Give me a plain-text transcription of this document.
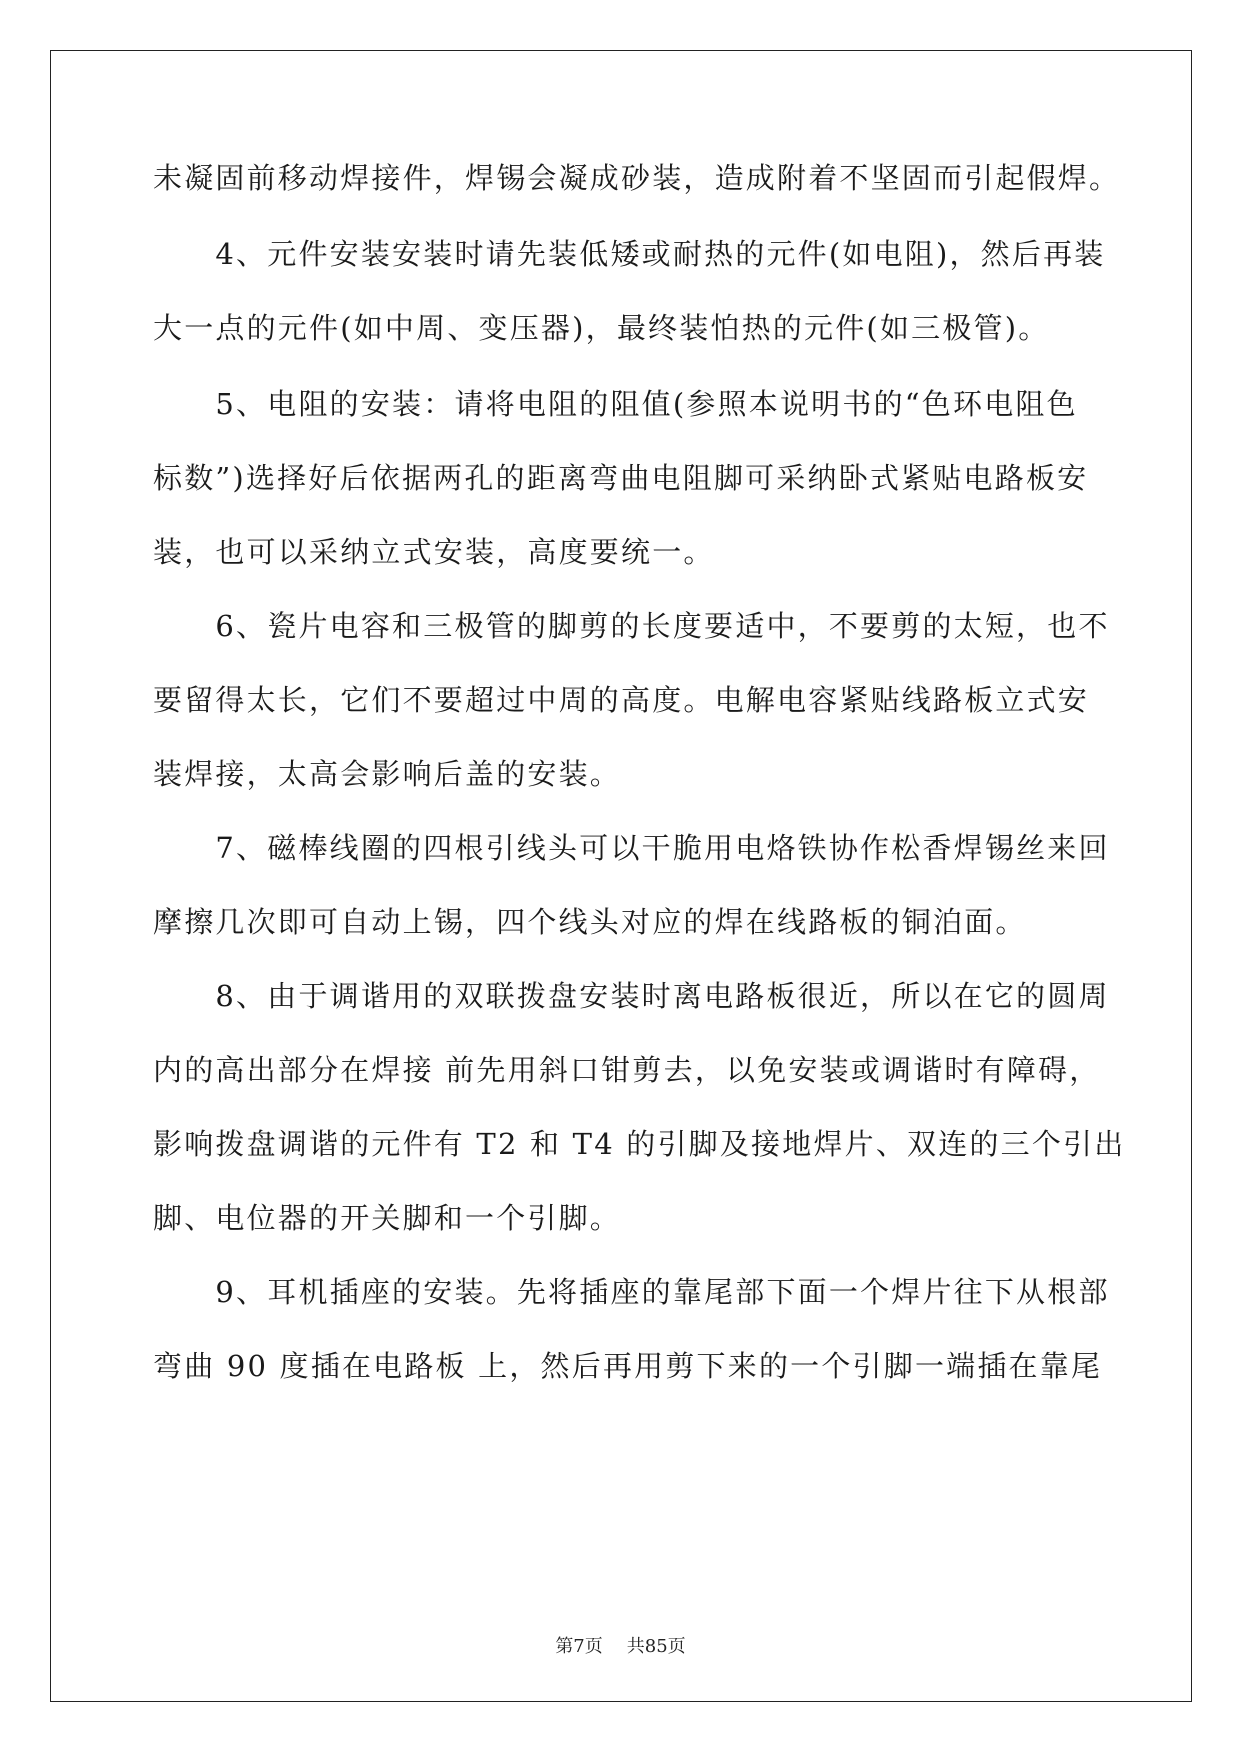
未凝固前移动焊接件，焊锡会凝成砂装，造成附着不坚固而引起假焊。
　　4、元件安装安装时请先装低矮或耐热的元件(如电阻)，然后再装
大一点的元件(如中周、变压器)，最终装怕热的元件(如三极管)。
　　5、电阻的安装：请将电阻的阻值(参照本说明书的“色环电阻色
标数”)选择好后依据两孔的距离弯曲电阻脚可采纳卧式紧贴电路板安
装，也可以采纳立式安装，高度要统一。
　　6、瓷片电容和三极管的脚剪的长度要适中，不要剪的太短，也不
要留得太长，它们不要超过中周的高度。电解电容紧贴线路板立式安
装焊接，太高会影响后盖的安装。
　　7、磁棒线圈的四根引线头可以干脆用电烙铁协作松香焊锡丝来回
摩擦几次即可自动上锡，四个线头对应的焊在线路板的铜泊面。
　　8、由于调谐用的双联拨盘安装时离电路板很近，所以在它的圆周
内的高出部分在焊接 前先用斜口钳剪去，以免安装或调谐时有障碍，
影响拨盘调谐的元件有 T2 和 T4 的引脚及接地焊片、双连的三个引出
脚、电位器的开关脚和一个引脚。
　　9、耳机插座的安装。先将插座的靠尾部下面一个焊片往下从根部
弯曲 90 度插在电路板 上，然后再用剪下来的一个引脚一端插在靠尾
第7页 共85页
